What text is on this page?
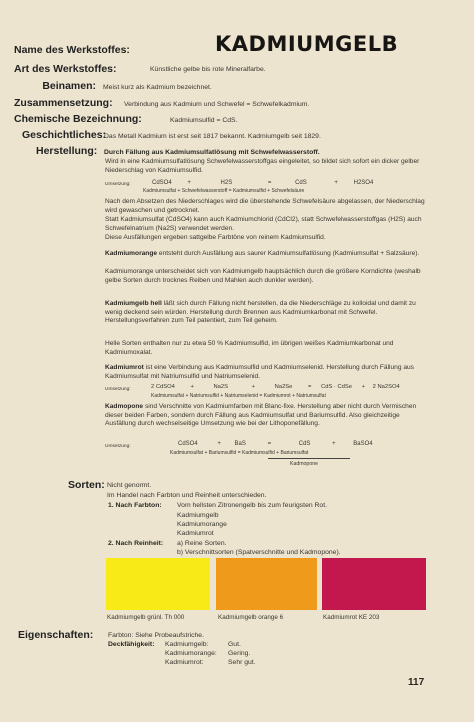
KADMIUMGELB
Name des Werkstoffes:
Art des Werkstoffes:	Künstliche gelbe bis rote Mineralfarbe.
Beinamen: Meist kurz als Kadmium bezeichnet.
Zusammensetzung: Verbindung aus Kadmium und Schwefel = Schwefelkadmium.
Chemische Bezeichnung:	Kadmiumsulfid = CdS.
Geschichtliches:
Das Metall Kadmium ist erst seit 1817 bekannt. Kadmiumgelb seit 1829.
Herstellung: Durch Fällung aus Kadmiumsulfatlösung mit Schwefelwasserstoff.
Wird in eine Kadmiumsulfatlösung Schwefelwasserstoffgas eingeleitet, so bildet sich sofort ein dicker gelber Niederschlag von Kadmiumsulfid.
Umsetzung:	CdSO4	+	H2S	=	CdS	+	H2SO4
Kadmiumsulfat + Schwefelwasserstoff = Kadmiumsulfid + Schwefelsäure
Nach dem Absetzen des Niederschlages wird die überstehende Schwefelsäure abgelassen, der Niederschlag wird gewaschen und getrocknet.
Statt Kadmiumsulfat (CdSO4) kann auch Kadmiumchlorid (CdCl2), statt Schwefelwasserstoffgas (H2S) auch Schwefelnatrium (Na2S) verwendet werden.
Diese Ausfällungen ergeben sattgelbe Farbtöne von reinem Kadmiumsulfid.
Kadmiumorange entsteht durch Ausfällung aus saurer Kadmiumsulfatlösung (Kadmiumsulfat + Salzsäure).
Kadmiumorange unterscheidet sich von Kadmiumgelb hauptsächlich durch die größere Korndichte (weshalb gelbe Sorten durch trocknes Reiben und Mahlen auch dunkler werden).
Kadmiumgelb hell läßt sich durch Fällung nicht herstellen, da die Niederschläge zu kolloidal und damit zu wenig deckend sein würden. Herstellung durch Brennen aus Kadmiumkarbonat mit Schwefel. Herstellungsverfahren zum Teil patentiert, zum Teil geheim.
Helle Sorten enthalten nur zu etwa 50 % Kadmiumsulfid, im übrigen weißes Kadmiumkarbonat und Kadmiumoxalat.
Kadmiumrot ist eine Verbindung aus Kadmiumsulfid und Kadmiumselenid. Herstellung durch Fällung aus Kadmiumsulfat mit Natriumsulfid und Natriumselenid.
Umsetzung:	2 CdSO4	+	Na2S	+	Na2Se	= CdS · CdSe + 2 Na2SO4
Kadmiumsulfat + Natriumsulfid + Natriumselenid = Kadmiumrot + Natriumsulfat
Kadmopone sind Verschnitte von Kadmiumfarben mit Blanc-fixe. Herstellung aber nicht durch Vermischen dieser beiden Farben, sondern durch Fällung aus Kadmiumsulfat und Bariumsulfid. Also gleichzeitige Ausfällung durch wechselseitige Umsetzung wie bei der Lithoponefällung.
Umsetzung:	CdSO4	+ BaS	=	CdS	+	BaSO4
Kadmiumsulfat + Bariumsulfid = Kadmiumsulfid + Bariumsulfat
Kadmopone
Sorten: Nicht genormt.
Im Handel nach Farbton und Reinheit unterschieden.
1. Nach Farbton: Vom hellsten Zitronengelb bis zum feurigsten Rot.
Kadmiumgelb
Kadmiumorange
Kadmiumrot
2. Nach Reinheit: a) Reine Sorten.
b) Verschnittsorten (Spatverschnitte und Kadmopone).
Kadmiumgelb grünl. Th 000	Kadmiumgelb orange 6	Kadmiumrot KE 203
Eigenschaften: Farbton: Siehe Probeaufstriche.
Deckfähigkeit: Kadmiumgelb:	Gut.
Kadmiumorange: Gering.
Kadmiumrot:	Sehr gut.
117
